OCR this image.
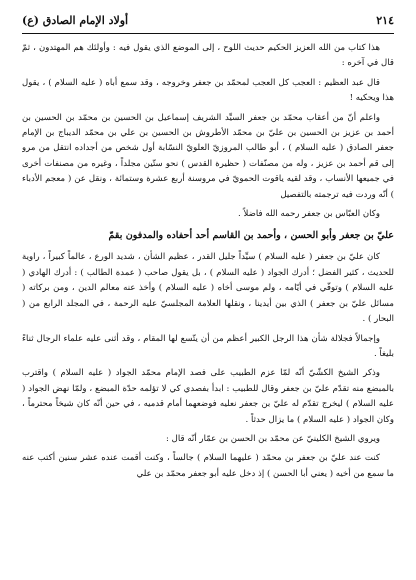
٢١٤
أولاد الإمام الصادق (ع)

هذا كتاب من الله العزيز الحكيم حديث اللوح ، إلى الموضع الذي يقول فيه : وأولئك هم المهتدون ، ثمّ قال في آخره :

قال عبد العظيم : العجب كل العجب لمحمّد بن جعفر وخروجه ، وقد سمع أباه ( عليه السلام ) ، يقول هذا ويحكيه !

واعلم أنّ من أعقاب محمّد بن جعفر السيِّد الشريف إسماعيل بن الحسين بن محمّد بن الحسين بن أحمد بن عزيز بن الحسين بن عليّ بن محمّد الأطروش بن الحسين بن علي بن محمّد الديباج بن الإمام جعفر الصادق ( عليه السلام ) ، أبو طالب المروزيّ العلويّ النسّابة أول شخص من أجداده انتقل من مرو إلى قم أحمد بن عزيز ، وله من مصنّفات ( حظيرة القدس ) نحو ستّين مجلداً ، وغيره من مصنفات أخرى في جميعها الأنساب ، وقد لقيه ياقوت الحمويّ في مروسنة أربع عشرة وستمائة ، ونقل عن ( معجم الأدباء ) أنّه وردت فيه ترجمته بالتفصيل

وكان العبّاس بن جعفر رحمه الله فاضلاً .

عليّ بن جعفر وأبو الحسن ، وأحمد بن القاسم أحد أحفاده والمدفون بقمّ

كان عليّ بن جعفر ( عليه السلام ) سيِّداً جليل القدر ، عظيم الشأن ، شديد الورع ، عالماً كبيراً ، راوية للحديث ، كثير الفضل ؛ أدرك الجواد ( عليه السلام ) ، بل يقول صاحب ( عمدة الطالب ) : أدرك الهادي ( عليه السلام ) وتوفّي في أيّامه ، ولم موسى أخاه ( عليه السلام ) وأخذ عنه معالم الدين ، ومن بركاته ( مسائل عليّ بن جعفر ) الذي بين أيدينا ، ونقلها العلامة المجلسيّ عليه الرحمة ، في المجلد الرابع من ( البحار ) .

وإجمالاً فجلالة شأن هذا الرجل الكبير أعظم من أن يتّسع لها المقام ، وقد أثنى عليه علماء الرجال ثناءً بليغاً .

وذكر الشيخ الكشّيّ أنّه لمّا عزم الطبيب على فصد الإمام محمّد الجواد ( عليه السلام ) واقترب بالمبضع منه تقدّم عليّ بن جعفر وقال للطبيب : ابدأ بفصدي كي لا تؤلمه حدّة المبضع ، ولمّا نهض الجواد ( عليه السلام ) ليخرج تقدّم له عليّ بن جعفر نعليه فوضعهما أمام قدميه ، في حين أنّه كان شيخاً محترماً ، وكان الجواد ( عليه السلام ) ما يزال حدثاً .

ويروي الشيخ الكلينيّ عن محمّد بن الحسن بن عمّار أنّه قال :

كنت عند عليّ بن جعفر بن محمّد ( عليهما السلام ) جالساً ، وكنت أقمت عنده عشر سنين أكتب عنه ما سمع من أخيه ( يعني أبا الحسن ) إذ دخل عليه أبو جعفر محمّد بن علي
